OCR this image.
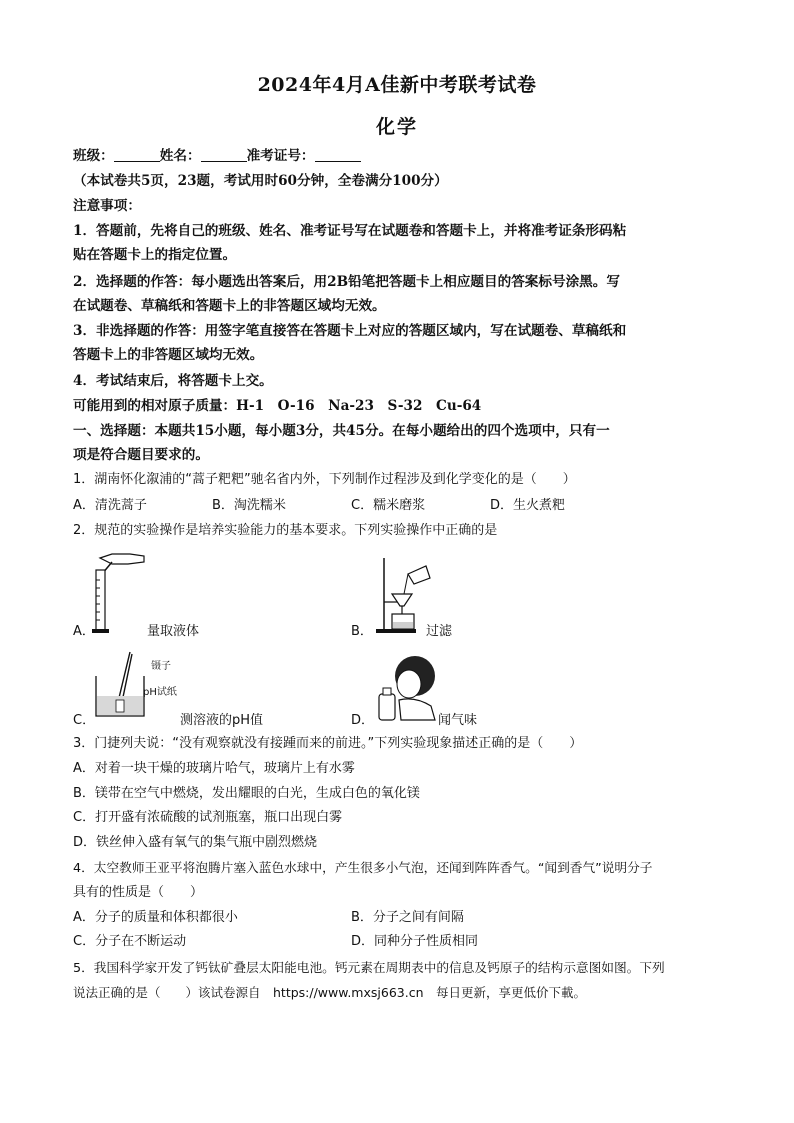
2024年4月A佳新中考联考试卷
化学
班级：	姓名：	准考证号：
（本试卷共5页，23题，考试用时60分钟，全卷满分100分）
注意事项：
1．答题前，先将自己的班级、姓名、准考证号写在试题卷和答题卡上，并将准考证条形码粘
贴在答题卡上的指定位置。
2．选择题的作答：每小题选出答案后，用2B铅笔把答题卡上相应题目的答案标号涂黑。写
在试题卷、草稿纸和答题卡上的非答题区域均无效。
3．非选择题的作答：用签字笔直接答在答题卡上对应的答题区域内，写在试题卷、草稿纸和
答题卡上的非答题区域均无效。
4．考试结束后，将答题卡上交。
可能用到的相对原子质量：H-1　O-16　Na-23　S-32　Cu-64
一、选择题：本题共15小题，每小题3分，共45分。在每小题给出的四个选项中，只有一
项是符合题目要求的。
1．湖南怀化溆浦的“蒿子粑粑”驰名省内外，下列制作过程涉及到化学变化的是（　　）
A．清洗蒿子	B．淘洗糯米	C．糯米磨浆	D．生火煮粑
2．规范的实验操作是培养实验能力的基本要求。下列实验操作中正确的是
A．	量取液体	B．	过滤
镊子
pH试纸
C．	测溶液的pH值	D．	闻气味
3．门捷列夫说：“没有观察就没有接踵而来的前进。”下列实验现象描述正确的是（　　）
A．对着一块干燥的玻璃片哈气，玻璃片上有水雾
B．镁带在空气中燃烧，发出耀眼的白光，生成白色的氧化镁
C．打开盛有浓硫酸的试剂瓶塞，瓶口出现白雾
D．铁丝伸入盛有氧气的集气瓶中剧烈燃烧
4．太空教师王亚平将泡腾片塞入蓝色水球中，产生很多小气泡，还闻到阵阵香气。“闻到香气”说明分子
具有的性质是（　　）
A．分子的质量和体积都很小	B．分子之间有间隔
C．分子在不断运动	D．同种分子性质相同
5．我国科学家开发了钙钛矿叠层太阳能电池。钙元素在周期表中的信息及钙原子的结构示意图如图。下列
说法正确的是（　　）该试卷源自　https://www.mxsj663.cn　每日更新，享更低价下載。
